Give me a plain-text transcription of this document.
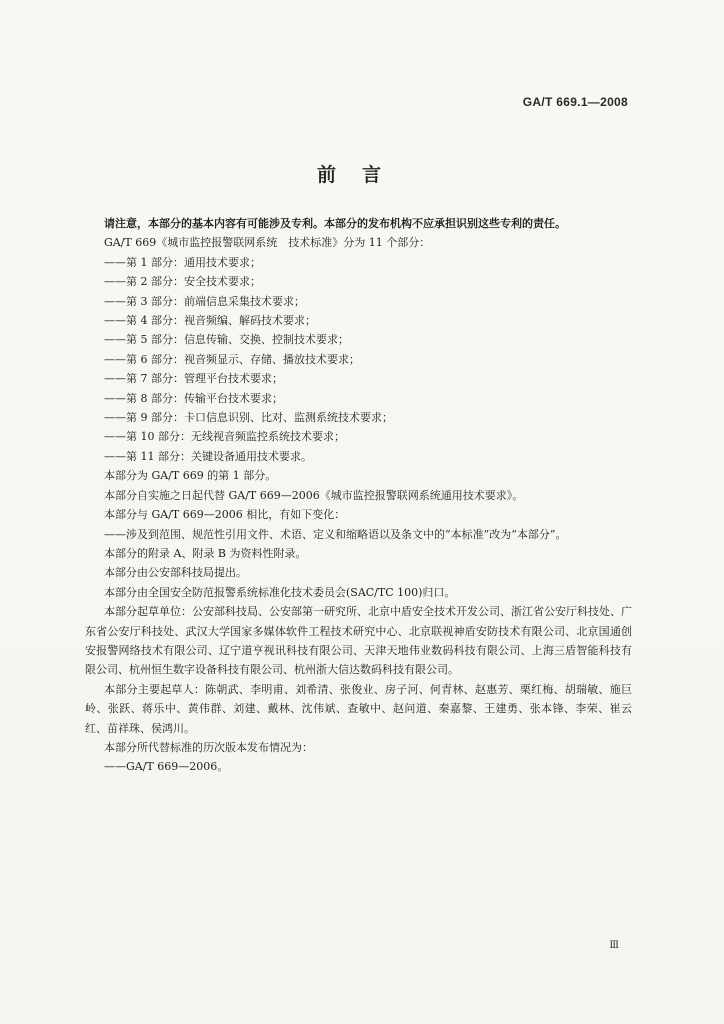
GA/T 669.1—2008
前言

请注意，本部分的基本内容有可能涉及专利。本部分的发布机构不应承担识别这些专利的责任。

GA/T 669《城市监控报警联网系统　技术标准》分为 11 个部分：

——第 1 部分：通用技术要求；

——第 2 部分：安全技术要求；

——第 3 部分：前端信息采集技术要求；

——第 4 部分：视音频编、解码技术要求；

——第 5 部分：信息传输、交换、控制技术要求；

——第 6 部分：视音频显示、存储、播放技术要求；

——第 7 部分：管理平台技术要求；

——第 8 部分：传输平台技术要求；

——第 9 部分：卡口信息识别、比对、监测系统技术要求；

——第 10 部分：无线视音频监控系统技术要求；

——第 11 部分：关键设备通用技术要求。

本部分为 GA/T 669 的第 1 部分。

本部分自实施之日起代替 GA/T 669—2006《城市监控报警联网系统通用技术要求》。

本部分与 GA/T 669—2006 相比，有如下变化：

——涉及到范围、规范性引用文件、术语、定义和缩略语以及条文中的“本标准”改为“本部分”。

本部分的附录 A、附录 B 为资料性附录。

本部分由公安部科技局提出。

本部分由全国安全防范报警系统标准化技术委员会(SAC/TC 100)归口。

本部分起草单位：公安部科技局、公安部第一研究所、北京中盾安全技术开发公司、浙江省公安厅科技处、广东省公安厅科技处、武汉大学国家多媒体软件工程技术研究中心、北京联视神盾安防技术有限公司、北京国通创安报警网络技术有限公司、辽宁道亨视讯科技有限公司、天津天地伟业数码科技有限公司、上海三盾智能科技有限公司、杭州恒生数字设备科技有限公司、杭州浙大信达数码科技有限公司。

本部分主要起草人：陈朝武、李明甫、刘希清、张俊业、房子河、何青林、赵惠芳、栗红梅、胡瑞敏、施巨岭、张跃、蒋乐中、黄伟群、刘建、戴林、沈伟斌、查敏中、赵问道、秦嘉黎、王建勇、张本锋、李荣、崔云红、苗祥珠、侯鸿川。

本部分所代替标准的历次版本发布情况为：

——GA/T 669—2006。

Ⅲ
